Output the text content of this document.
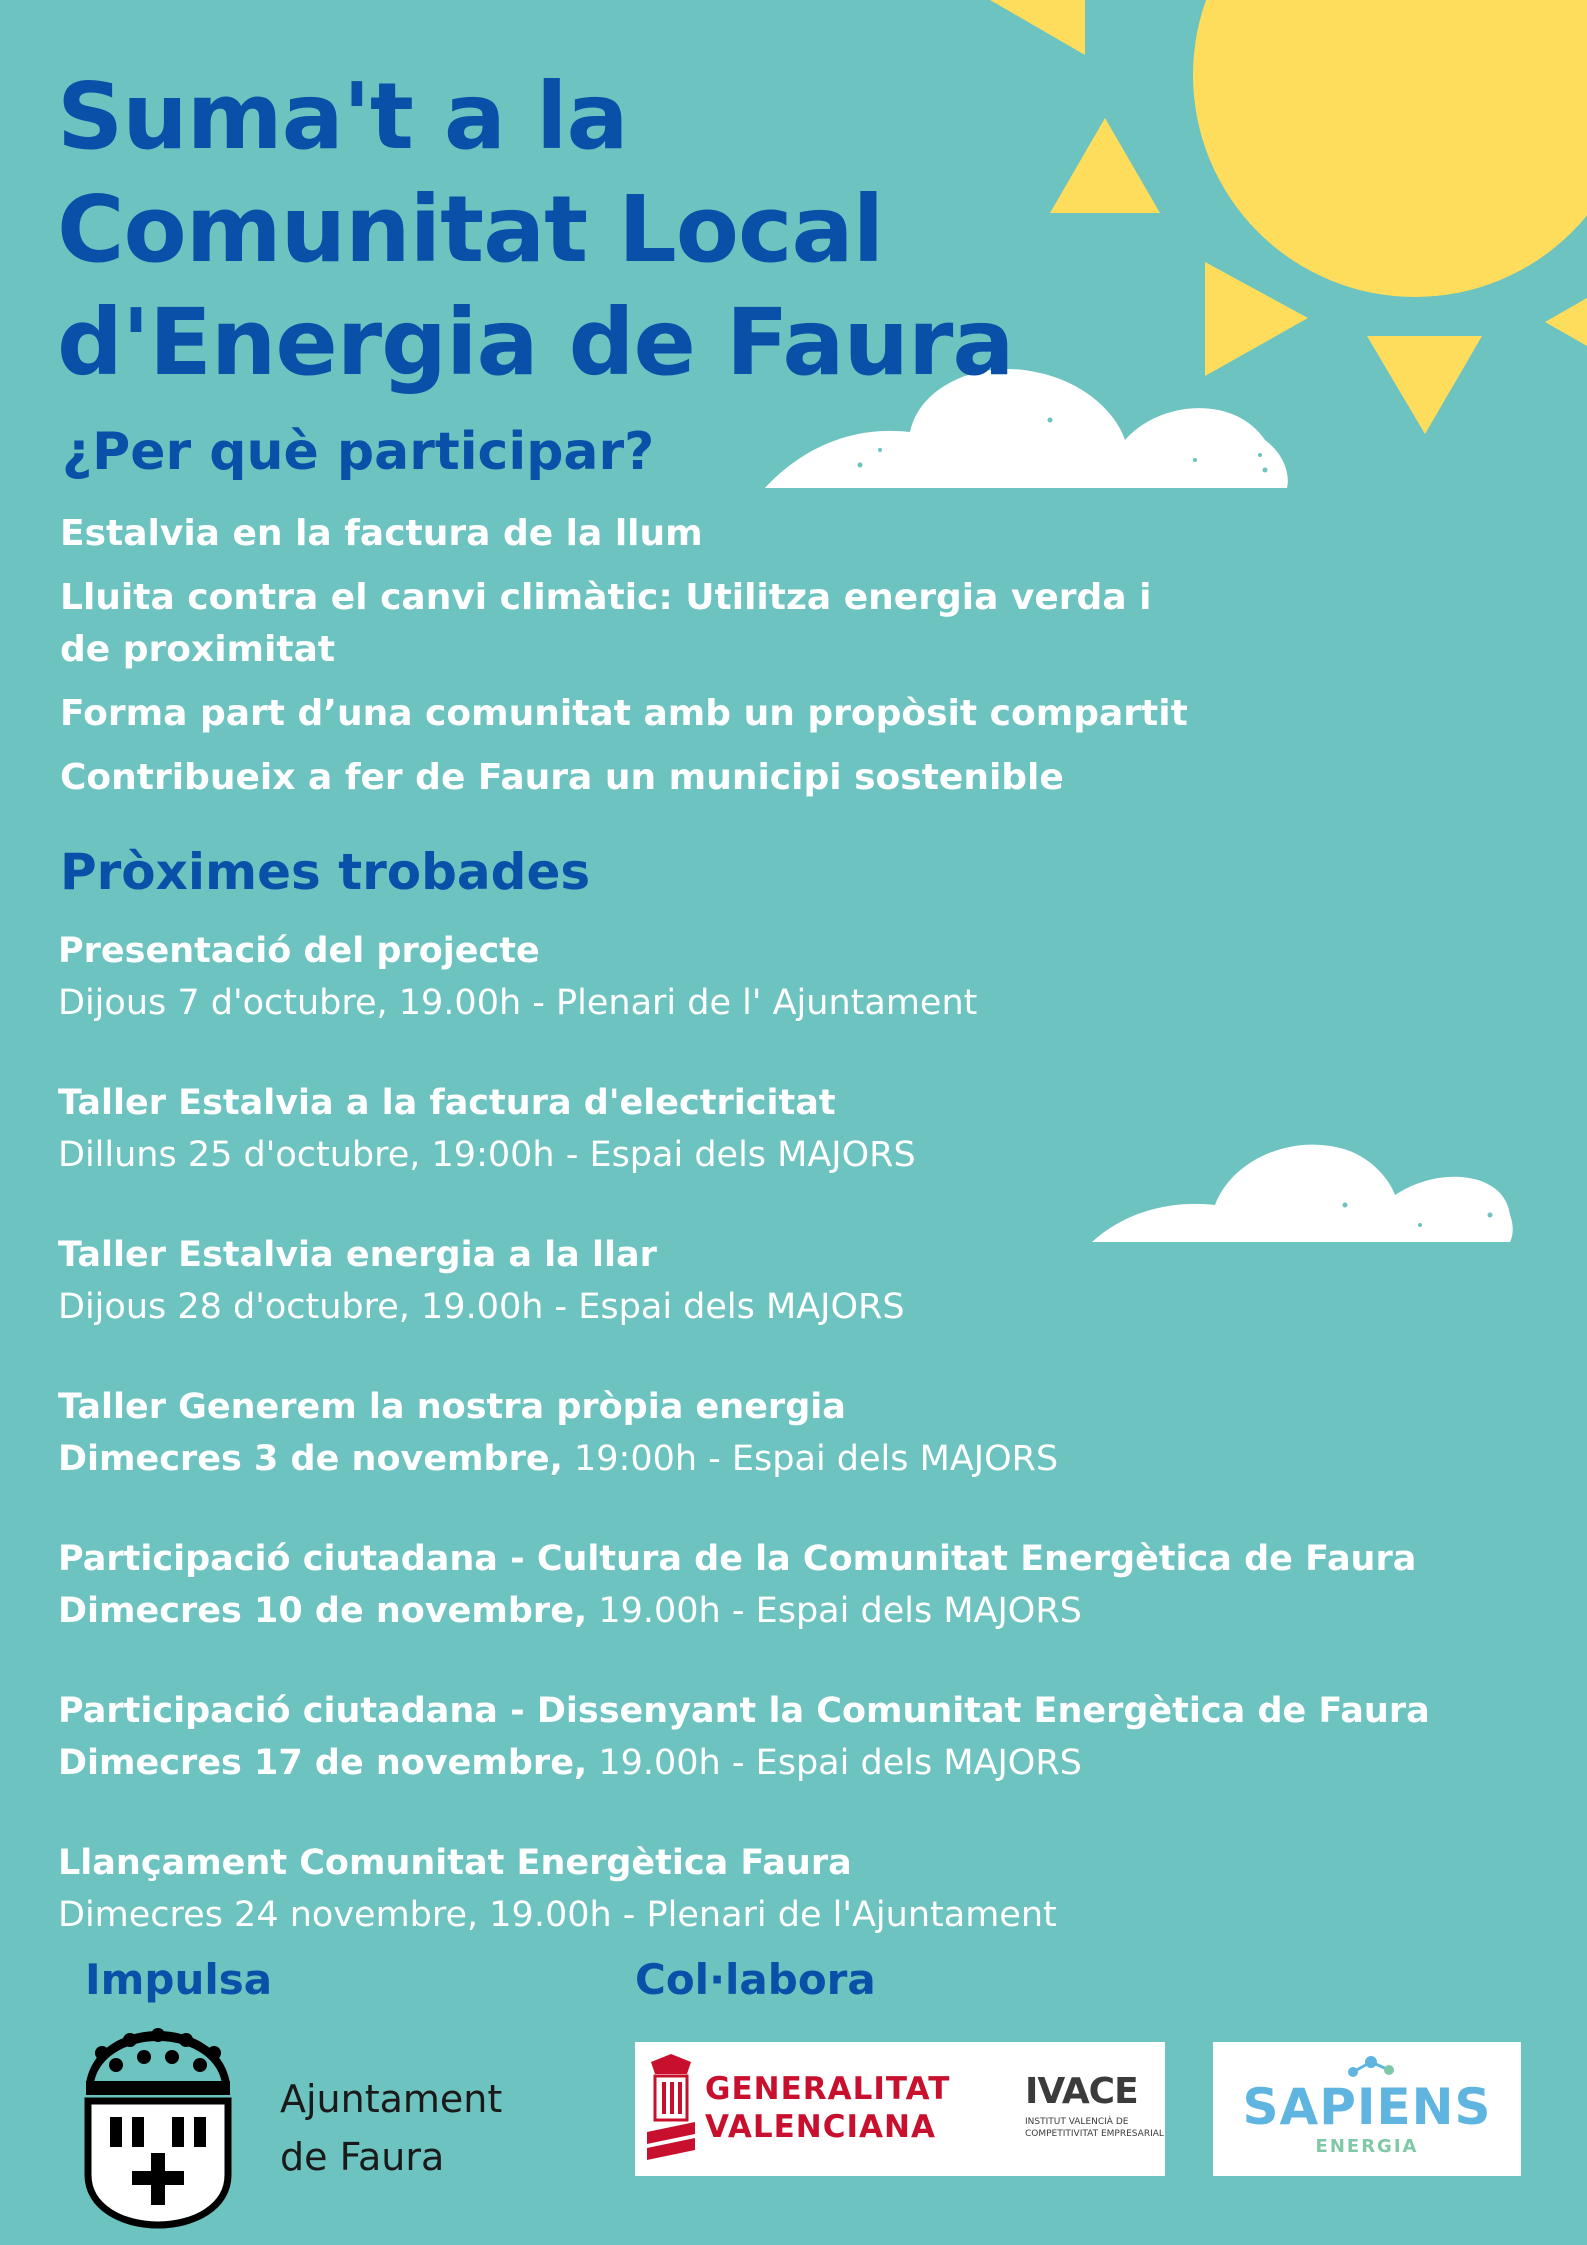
Suma't a la
Comunitat Local
d'Energia de Faura
¿Per què participar?
Estalvia en la factura de la llum
Lluita contra el canvi climàtic: Utilitza energia verda i de proximitat
Forma part d’una comunitat amb un propòsit compartit
Contribueix a fer de Faura un municipi sostenible
Pròximes trobades
Presentació del projecte
Dijous 7 d'octubre, 19.00h - Plenari de l' Ajuntament
Taller Estalvia a la factura d'electricitat
Dilluns 25 d'octubre, 19:00h - Espai dels MAJORS
Taller Estalvia energia a la llar
Dijous 28 d'octubre, 19.00h - Espai dels MAJORS
Taller Generem la nostra pròpia energia
Dimecres 3 de novembre, 19:00h - Espai dels MAJORS
Participació ciutadana - Cultura de la Comunitat Energètica de Faura
Dimecres 10 de novembre, 19.00h - Espai dels MAJORS
Participació ciutadana - Dissenyant la Comunitat Energètica de Faura
Dimecres 17 de novembre, 19.00h - Espai dels MAJORS
Llançament Comunitat Energètica Faura
Dimecres 24 novembre, 19.00h - Plenari de l'Ajuntament
Impulsa	Col·labora
Ajuntament
de Faura
GENERALITAT
VALENCIANA
IVACE
INSTITUT VALENCIÀ DE COMPETITIVITAT EMPRESARIAL	SAPIENS
ENERGIA
